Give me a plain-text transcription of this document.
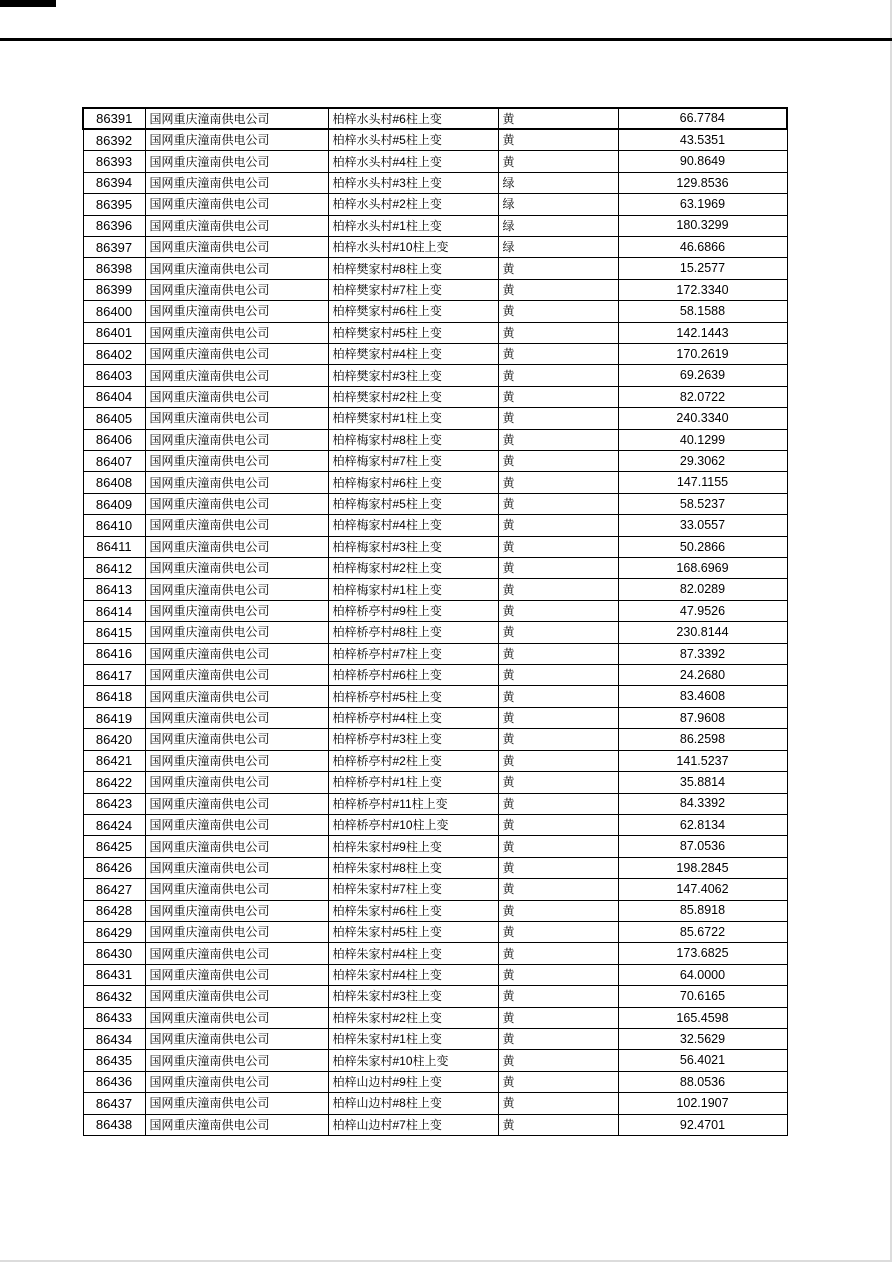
86391	国网重庆潼南供电公司	柏梓水头村#6柱上变	黄	66.7784
86392	国网重庆潼南供电公司	柏梓水头村#5柱上变	黄	43.5351
86393	国网重庆潼南供电公司	柏梓水头村#4柱上变	黄	90.8649
86394	国网重庆潼南供电公司	柏梓水头村#3柱上变	绿	129.8536
86395	国网重庆潼南供电公司	柏梓水头村#2柱上变	绿	63.1969
86396	国网重庆潼南供电公司	柏梓水头村#1柱上变	绿	180.3299
86397	国网重庆潼南供电公司	柏梓水头村#10柱上变	绿	46.6866
86398	国网重庆潼南供电公司	柏梓樊家村#8柱上变	黄	15.2577
86399	国网重庆潼南供电公司	柏梓樊家村#7柱上变	黄	172.3340
86400	国网重庆潼南供电公司	柏梓樊家村#6柱上变	黄	58.1588
86401	国网重庆潼南供电公司	柏梓樊家村#5柱上变	黄	142.1443
86402	国网重庆潼南供电公司	柏梓樊家村#4柱上变	黄	170.2619
86403	国网重庆潼南供电公司	柏梓樊家村#3柱上变	黄	69.2639
86404	国网重庆潼南供电公司	柏梓樊家村#2柱上变	黄	82.0722
86405	国网重庆潼南供电公司	柏梓樊家村#1柱上变	黄	240.3340
86406	国网重庆潼南供电公司	柏梓梅家村#8柱上变	黄	40.1299
86407	国网重庆潼南供电公司	柏梓梅家村#7柱上变	黄	29.3062
86408	国网重庆潼南供电公司	柏梓梅家村#6柱上变	黄	147.1155
86409	国网重庆潼南供电公司	柏梓梅家村#5柱上变	黄	58.5237
86410	国网重庆潼南供电公司	柏梓梅家村#4柱上变	黄	33.0557
86411	国网重庆潼南供电公司	柏梓梅家村#3柱上变	黄	50.2866
86412	国网重庆潼南供电公司	柏梓梅家村#2柱上变	黄	168.6969
86413	国网重庆潼南供电公司	柏梓梅家村#1柱上变	黄	82.0289
86414	国网重庆潼南供电公司	柏梓桥亭村#9柱上变	黄	47.9526
86415	国网重庆潼南供电公司	柏梓桥亭村#8柱上变	黄	230.8144
86416	国网重庆潼南供电公司	柏梓桥亭村#7柱上变	黄	87.3392
86417	国网重庆潼南供电公司	柏梓桥亭村#6柱上变	黄	24.2680
86418	国网重庆潼南供电公司	柏梓桥亭村#5柱上变	黄	83.4608
86419	国网重庆潼南供电公司	柏梓桥亭村#4柱上变	黄	87.9608
86420	国网重庆潼南供电公司	柏梓桥亭村#3柱上变	黄	86.2598
86421	国网重庆潼南供电公司	柏梓桥亭村#2柱上变	黄	141.5237
86422	国网重庆潼南供电公司	柏梓桥亭村#1柱上变	黄	35.8814
86423	国网重庆潼南供电公司	柏梓桥亭村#11柱上变	黄	84.3392
86424	国网重庆潼南供电公司	柏梓桥亭村#10柱上变	黄	62.8134
86425	国网重庆潼南供电公司	柏梓朱家村#9柱上变	黄	87.0536
86426	国网重庆潼南供电公司	柏梓朱家村#8柱上变	黄	198.2845
86427	国网重庆潼南供电公司	柏梓朱家村#7柱上变	黄	147.4062
86428	国网重庆潼南供电公司	柏梓朱家村#6柱上变	黄	85.8918
86429	国网重庆潼南供电公司	柏梓朱家村#5柱上变	黄	85.6722
86430	国网重庆潼南供电公司	柏梓朱家村#4柱上变	黄	173.6825
86431	国网重庆潼南供电公司	柏梓朱家村#4柱上变	黄	64.0000
86432	国网重庆潼南供电公司	柏梓朱家村#3柱上变	黄	70.6165
86433	国网重庆潼南供电公司	柏梓朱家村#2柱上变	黄	165.4598
86434	国网重庆潼南供电公司	柏梓朱家村#1柱上变	黄	32.5629
86435	国网重庆潼南供电公司	柏梓朱家村#10柱上变	黄	56.4021
86436	国网重庆潼南供电公司	柏梓山边村#9柱上变	黄	88.0536
86437	国网重庆潼南供电公司	柏梓山边村#8柱上变	黄	102.1907
86438	国网重庆潼南供电公司	柏梓山边村#7柱上变	黄	92.4701
